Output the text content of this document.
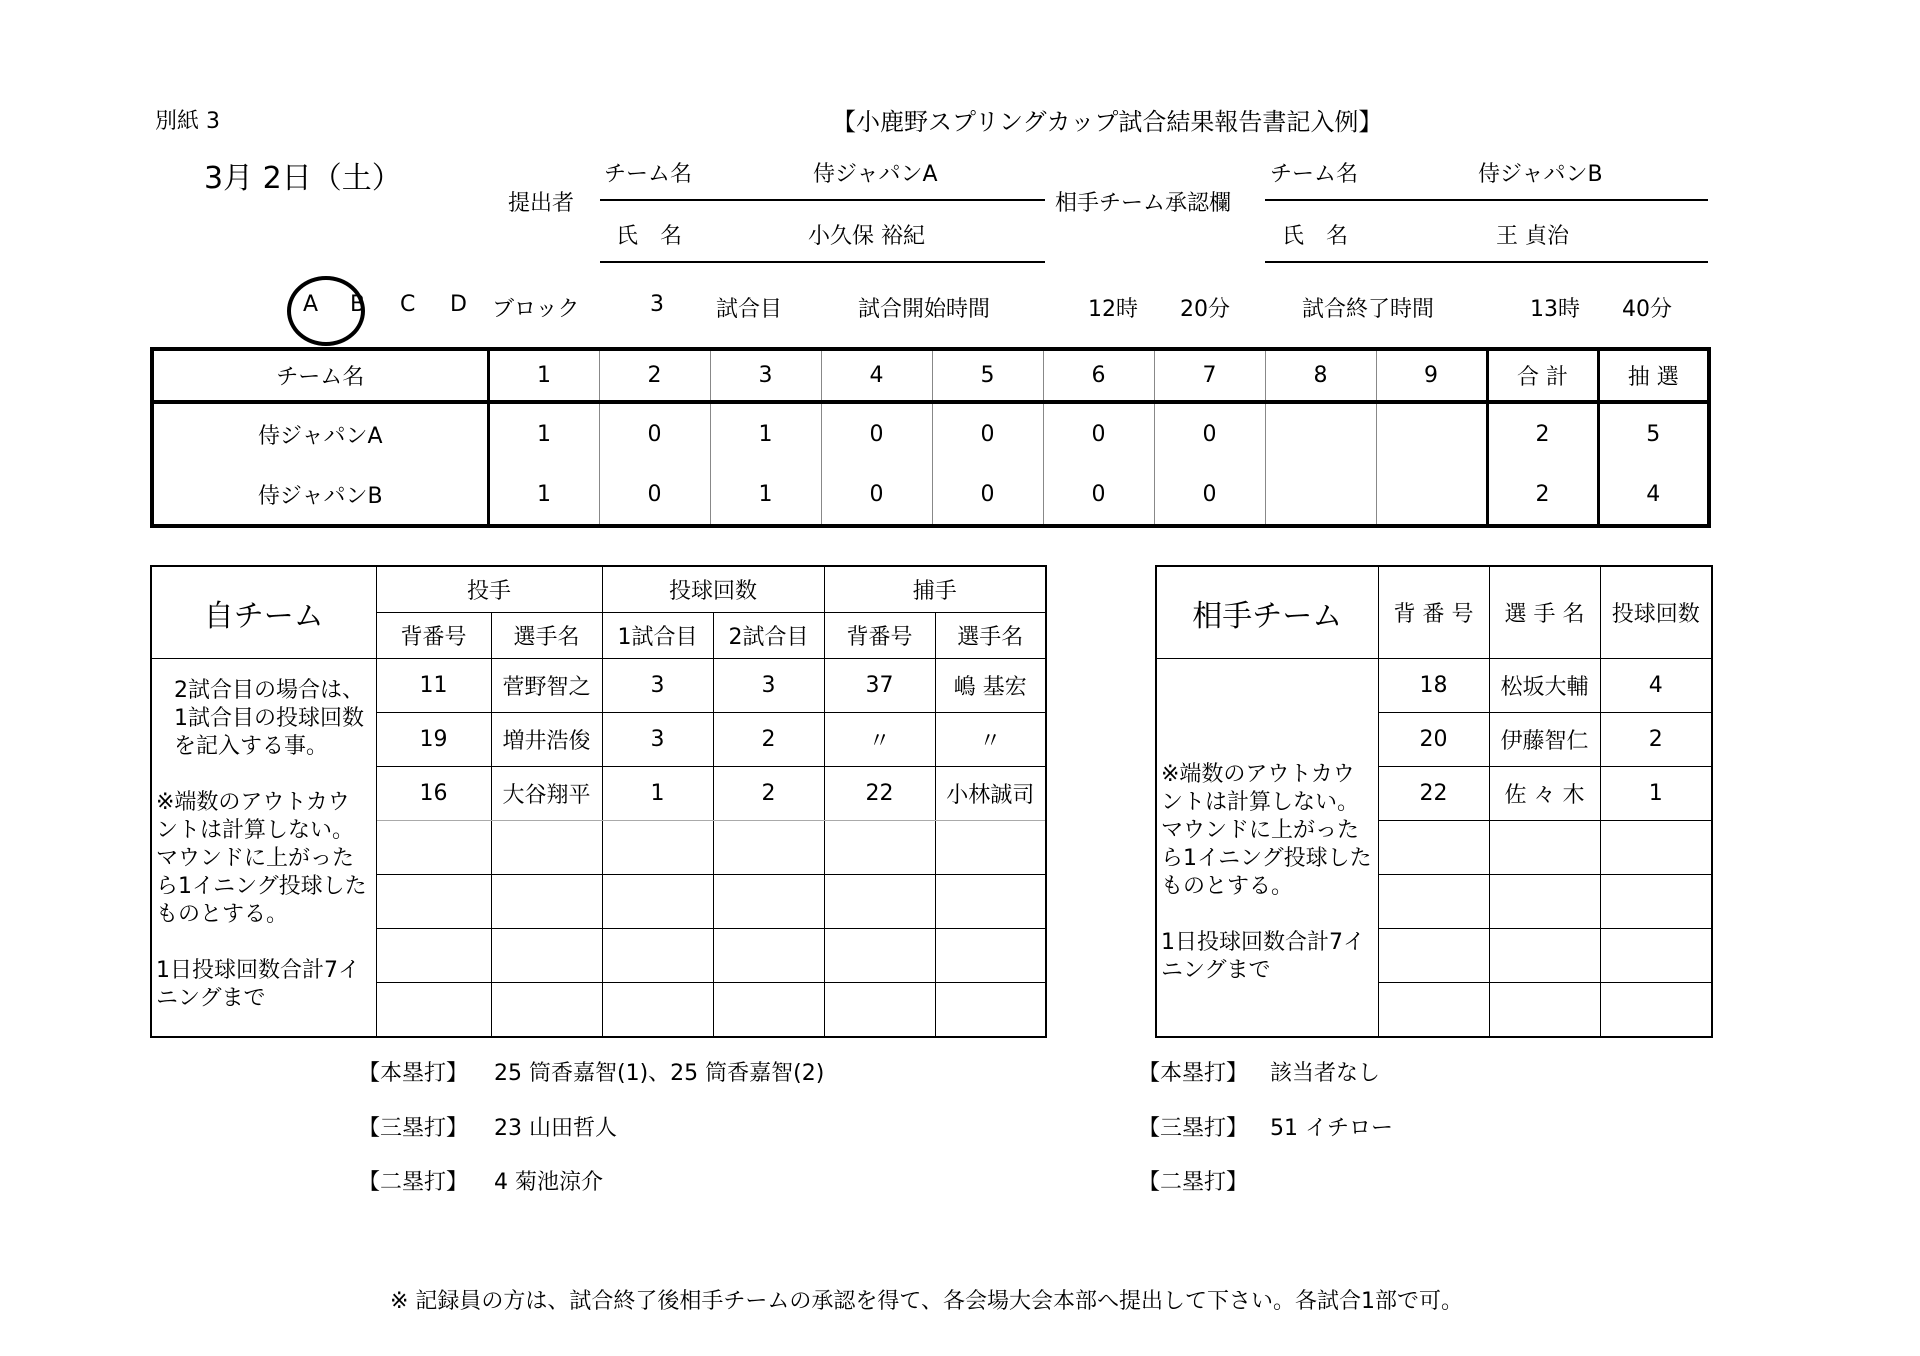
別紙 3	【小鹿野スプリングカップ試合結果報告書記入例】
3月 2日（土）
提出者
チーム名	侍ジャパンA
氏　名	小久保 裕紀
相手チーム承認欄
チーム名	侍ジャパンB
氏　名	王 貞治
A B C D ブロック	3 試合目	試合開始時間	12時 20分	試合終了時間	13時 40分
チーム名	1	2	3	4	5	6	7	8	9	合 計	抽 選
侍ジャパンA	1	0	1	0	0	0	0			2	5
侍ジャパンB	1	0	1	0	0	0	0			2	4
自チーム	投手		投球回数		捕手	
	背番号	選手名	1試合目	2試合目	背番号	選手名

2試合目の場合は、1試合目の投球回数を記入する事。
※端数のアウトカウントは計算しない。マウンドに上がったら1イニング投球したものとする。
1日投球回数合計7イニングまで	11	菅野智之	3	3	37	嶋 基宏
	19	増井浩俊	3	2	〃	〃
	16	大谷翔平	1	2	22	小林誠司

相手チーム	背 番 号	選 手 名	投球回数

※端数のアウトカウントは計算しない。マウンドに上がったら1イニング投球したものとする。
1日投球回数合計7イニングまで	18	松坂大輔	4
	20	伊藤智仁	2
	22	佐 々 木	1

【本塁打】 25 筒香嘉智(1)、25 筒香嘉智(2)
【三塁打】 23 山田哲人
【二塁打】 4 菊池涼介
【本塁打】 該当者なし
【三塁打】 51 イチロー
【二塁打】
※ 記録員の方は、試合終了後相手チームの承認を得て、各会場大会本部へ提出して下さい。各試合1部で可。
